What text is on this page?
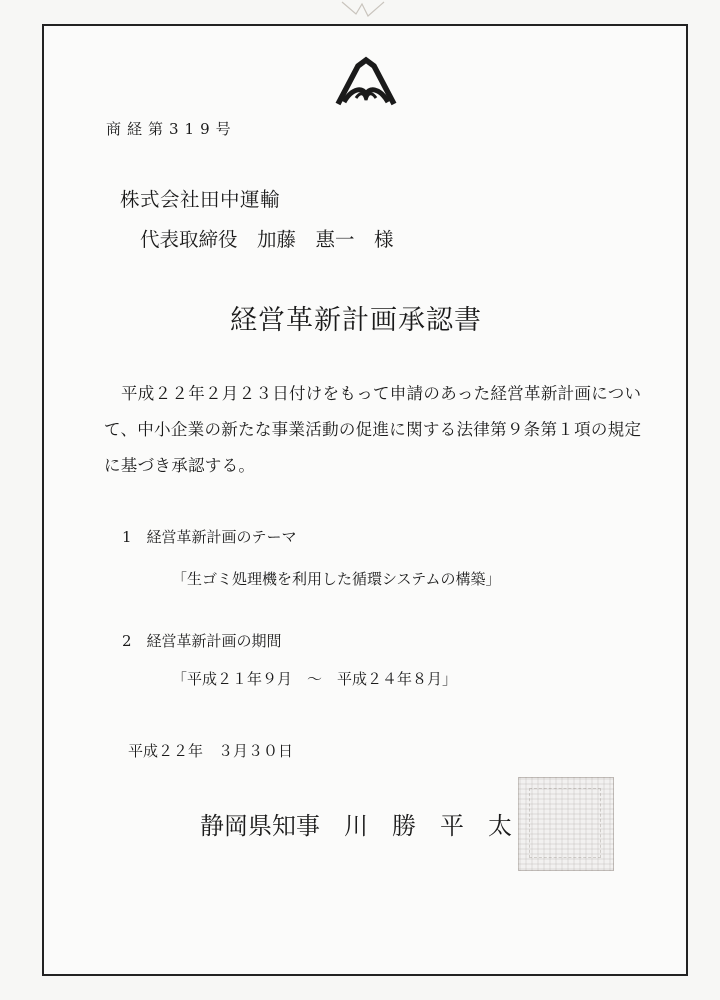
商経第319号
株式会社田中運輸
代表取締役　加藤　惠一　様
経営革新計画承認書
平成２２年２月２３日付けをもって申請のあった経営革新計画につい
て、中小企業の新たな事業活動の促進に関する法律第９条第１項の規定
に基づき承認する。
1　経営革新計画のテーマ
「生ゴミ処理機を利用した循環システムの構築」
2　経営革新計画の期間
「平成２１年９月　～　平成２４年８月」
平成２２年　３月３０日
静岡県知事　川　勝　平　太
